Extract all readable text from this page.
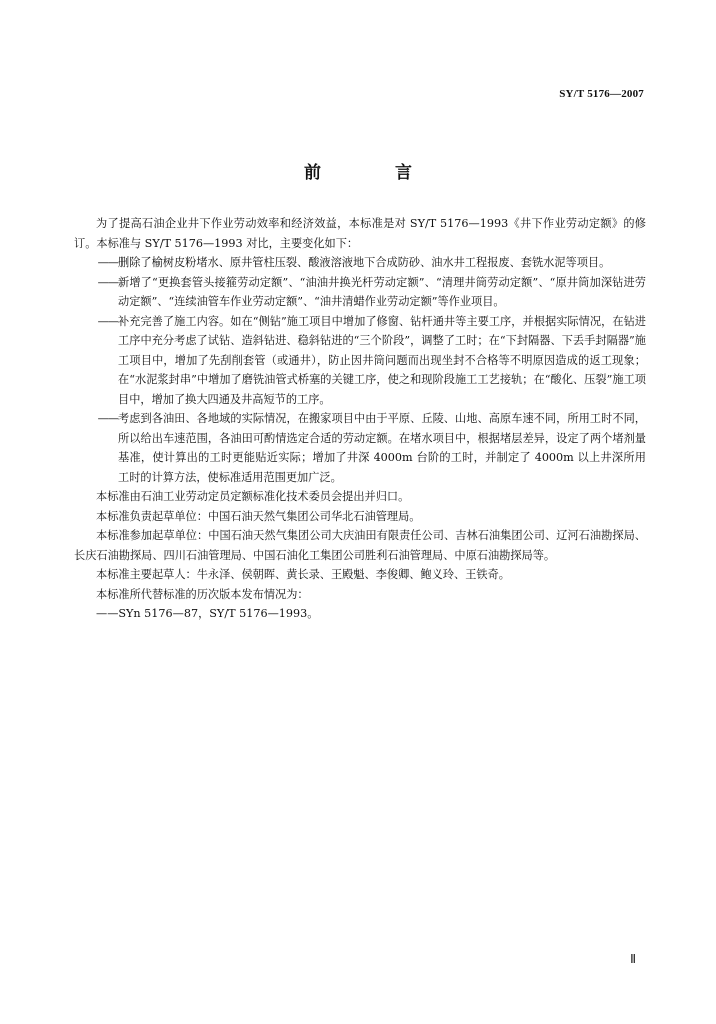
SY/T 5176—2007
前 言

为了提高石油企业井下作业劳动效率和经济效益，本标准是对 SY/T 5176—1993《井下作业劳动定额》的修订。本标准与 SY/T 5176—1993 对比，主要变化如下：

—— 删除了榆树皮粉堵水、原井管柱压裂、酸液溶液地下合成防砂、油水井工程报废、套铣水泥等项目。
—— 新增了“更换套管头接箍劳动定额”、“油油井换光杆劳动定额”、“清理井筒劳动定额”、“原井筒加深钻进劳动定额”、“连续油管车作业劳动定额”、“油井清蜡作业劳动定额”等作业项目。
—— 补充完善了施工内容。如在“侧钻”施工项目中增加了修窗、钻杆通井等主要工序，并根据实际情况，在钻进工序中充分考虑了试钻、造斜钻进、稳斜钻进的“三个阶段”，调整了工时；在“下封隔器、下丢手封隔器”施工项目中，增加了先刮削套管（或通井），防止因井筒问题而出现坐封不合格等不明原因造成的返工现象；在“水泥浆封串”中增加了磨铣油管式桥塞的关键工序，使之和现阶段施工工艺接轨；在“酸化、压裂”施工项目中，增加了换大四通及井高短节的工序。
—— 考虑到各油田、各地域的实际情况，在搬家项目中由于平原、丘陵、山地、高原车速不同，所用工时不同，所以给出车速范围，各油田可酌情选定合适的劳动定额。在堵水项目中，根据堵层差异，设定了两个堵剂量基准，使计算出的工时更能贴近实际；增加了井深 4000m 台阶的工时，并制定了 4000m 以上井深所用工时的计算方法，使标准适用范围更加广泛。

本标准由石油工业劳动定员定额标准化技术委员会提出并归口。

本标准负责起草单位：中国石油天然气集团公司华北石油管理局。

本标准参加起草单位：中国石油天然气集团公司大庆油田有限责任公司、吉林石油集团公司、辽河石油勘探局、长庆石油勘探局、四川石油管理局、中国石油化工集团公司胜利石油管理局、中原石油勘探局等。

本标准主要起草人：牛永泽、侯朝晖、黄长录、王殿魁、李俊卿、鲍义玲、王铁奇。

本标准所代替标准的历次版本发布情况为：

——SYn 5176—87，SY/T 5176—1993。

Ⅱ
